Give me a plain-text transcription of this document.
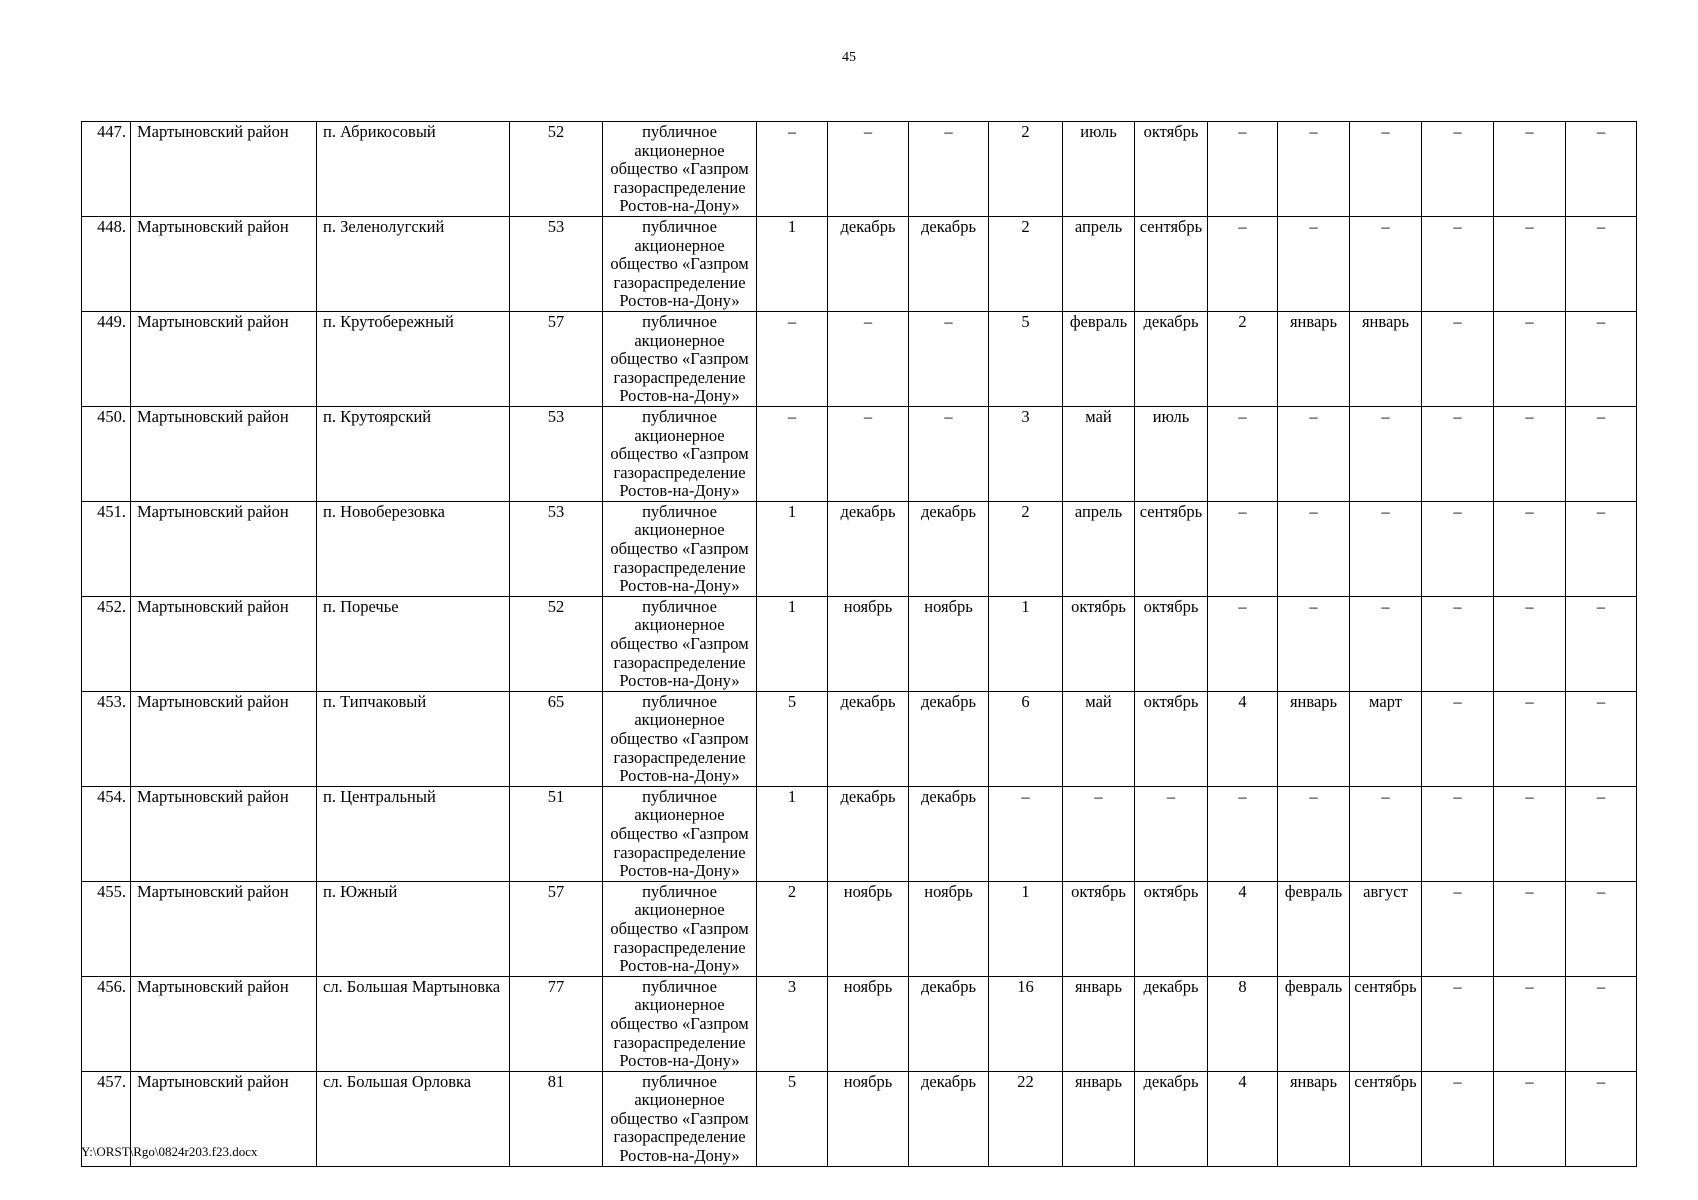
45
447.	Мартыновский район	п. Абрикосовый	52	публичное акционерное общество «Газпром газораспределение Ростов-на-Дону»	–	–	–	2	июль	октябрь	–	–	–	–	–	–
448.	Мартыновский район	п. Зеленолугский	53	публичное акционерное общество «Газпром газораспределение Ростов-на-Дону»	1	декабрь	декабрь	2	апрель	сентябрь	–	–	–	–	–	–
449.	Мартыновский район	п. Крутобережный	57	публичное акционерное общество «Газпром газораспределение Ростов-на-Дону»	–	–	–	5	февраль	декабрь	2	январь	январь	–	–	–
450.	Мартыновский район	п. Крутоярский	53	публичное акционерное общество «Газпром газораспределение Ростов-на-Дону»	–	–	–	3	май	июль	–	–	–	–	–	–
451.	Мартыновский район	п. Новоберезовка	53	публичное акционерное общество «Газпром газораспределение Ростов-на-Дону»	1	декабрь	декабрь	2	апрель	сентябрь	–	–	–	–	–	–
452.	Мартыновский район	п. Поречье	52	публичное акционерное общество «Газпром газораспределение Ростов-на-Дону»	1	ноябрь	ноябрь	1	октябрь	октябрь	–	–	–	–	–	–
453.	Мартыновский район	п. Типчаковый	65	публичное акционерное общество «Газпром газораспределение Ростов-на-Дону»	5	декабрь	декабрь	6	май	октябрь	4	январь	март	–	–	–
454.	Мартыновский район	п. Центральный	51	публичное акционерное общество «Газпром газораспределение Ростов-на-Дону»	1	декабрь	декабрь	–	–	–	–	–	–	–	–	–
455.	Мартыновский район	п. Южный	57	публичное акционерное общество «Газпром газораспределение Ростов-на-Дону»	2	ноябрь	ноябрь	1	октябрь	октябрь	4	февраль	август	–	–	–
456.	Мартыновский район	сл. Большая Мартыновка	77	публичное акционерное общество «Газпром газораспределение Ростов-на-Дону»	3	ноябрь	декабрь	16	январь	декабрь	8	февраль	сентябрь	–	–	–
457.	Мартыновский район	сл. Большая Орловка	81	публичное акционерное общество «Газпром газораспределение Ростов-на-Дону»	5	ноябрь	декабрь	22	январь	декабрь	4	январь	сентябрь	–	–	–
Y:\ORST\Rgo\0824r203.f23.docx
